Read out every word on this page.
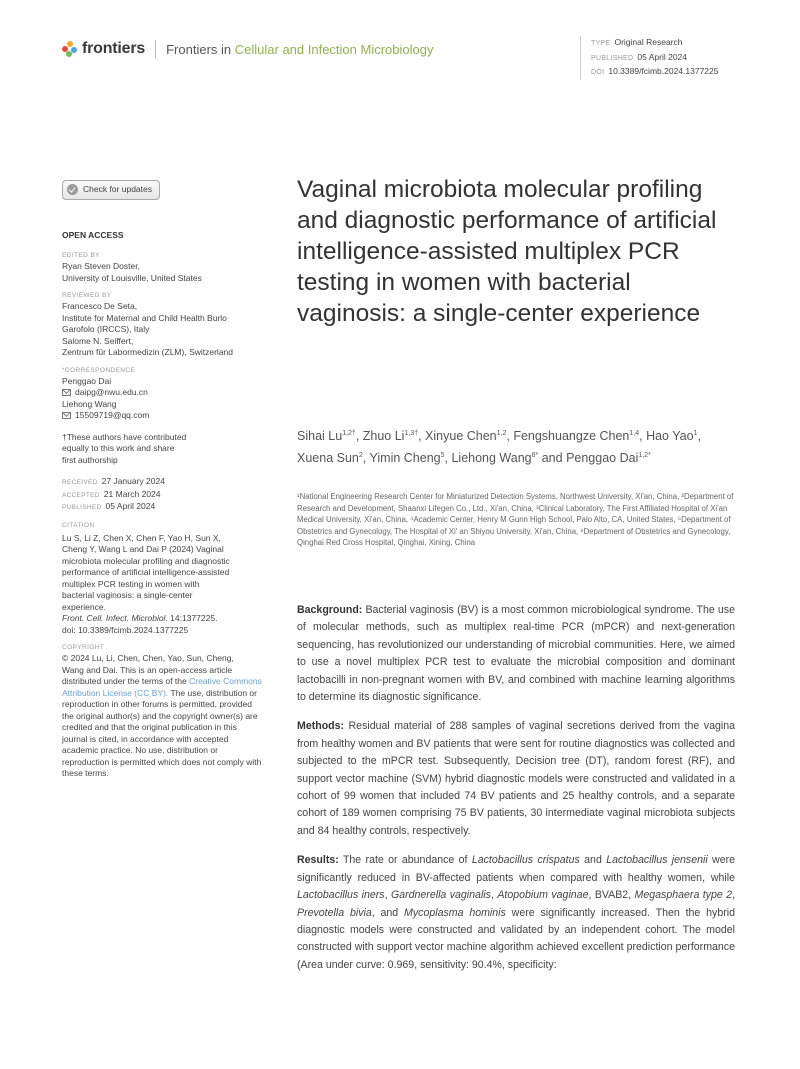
frontiers Frontiers in Cellular and Infection Microbiology	TYPE Original Research
PUBLISHED 05 April 2024
DOI 10.3389/fcimb.2024.1377225
Check for updates
OPEN ACCESS
EDITED BY
Ryan Steven Doster,
University of Louisville, United States
REVIEWED BY
Francesco De Seta,
Institute for Maternal and Child Health Burlo
Garofolo (IRCCS), Italy
Salome N. Seiffert,
Zentrum für Labormedizin (ZLM), Switzerland
*CORRESPONDENCE
Penggao Dai
daipg@nwu.edu.cn
Liehong Wang
15509719@qq.com
†These authors have contributed
equally to this work and share
first authorship
RECEIVED 27 January 2024
ACCEPTED 21 March 2024
PUBLISHED 05 April 2024
CITATION
Lu S, Li Z, Chen X, Chen F, Yao H, Sun X,
Cheng Y, Wang L and Dai P (2024) Vaginal
microbiota molecular profiling and diagnostic
performance of artificial intelligence-assisted
multiplex PCR testing in women with
bacterial vaginosis: a single-center
experience.
Front. Cell. Infect. Microbiol. 14:1377225.
doi: 10.3389/fcimb.2024.1377225
COPYRIGHT
© 2024 Lu, Li, Chen, Chen, Yao, Sun, Cheng,
Wang and Dai. This is an open-access article
distributed under the terms of the Creative Commons Attribution License (CC BY). The use, distribution or reproduction in other forums is permitted, provided the original author(s) and the copyright owner(s) are credited and that the original publication in this journal is cited, in accordance with accepted academic practice. No use, distribution or reproduction is permitted which does not comply with these terms.
Vaginal microbiota molecular profiling and diagnostic performance of artificial intelligence-assisted multiplex PCR testing in women with bacterial vaginosis: a single-center experience
Sihai $Lu^{1,2\dagger}$, Zhuo $Li^{1,3\dagger}$, Xinyue Chen$^{1,2}$, Fengshuangze Chen$^{1,4}$, Hao Yao$^1$, Xuena Sun$^2$, Yimin Cheng$^5$, Liehong Wang$^{6*}$ and Penggao Dai$^{1,2*}$
¹National Engineering Research Center for Miniaturized Detection Systems, Northwest University, Xi'an, China, ²Department of Research and Development, Shaanxi Lifegen Co., Ltd., Xi'an, China, ³Clinical Laboratory, The First Affiliated Hospital of Xi'an Medical University, Xi'an, China, ⁴Academic Center, Henry M Gunn High School, Palo Alto, CA, United States, ⁵Department of Obstetrics and Gynecology, The Hospital of Xi' an Shiyou University, Xi'an, China, ⁶Department of Obstetrics and Gynecology, Qinghai Red Cross Hospital, Qinghai, Xining, China

Background: Bacterial vaginosis (BV) is a most common microbiological syndrome. The use of molecular methods, such as multiplex real-time PCR (mPCR) and next-generation sequencing, has revolutionized our understanding of microbial communities. Here, we aimed to use a novel multiplex PCR test to evaluate the microbial composition and dominant lactobacilli in non-pregnant women with BV, and combined with machine learning algorithms to determine its diagnostic significance.

Methods: Residual material of 288 samples of vaginal secretions derived from the vagina from healthy women and BV patients that were sent for routine diagnostics was collected and subjected to the mPCR test. Subsequently, Decision tree (DT), random forest (RF), and support vector machine (SVM) hybrid diagnostic models were constructed and validated in a cohort of 99 women that included 74 BV patients and 25 healthy controls, and a separate cohort of 189 women comprising 75 BV patients, 30 intermediate vaginal microbiota subjects and 84 healthy controls, respectively.

Results: The rate or abundance of Lactobacillus crispatus and Lactobacillus jensenii were significantly reduced in BV-affected patients when compared with healthy women, while Lactobacillus iners, Gardnerella vaginalis, Atopobium vaginae, BVAB2, Megasphaera type 2, Prevotella bivia, and Mycoplasma hominis were significantly increased. Then the hybrid diagnostic models were constructed and validated by an independent cohort. The model constructed with support vector machine algorithm achieved excellent prediction performance (Area under curve: 0.969, sensitivity: 90.4%, specificity:
